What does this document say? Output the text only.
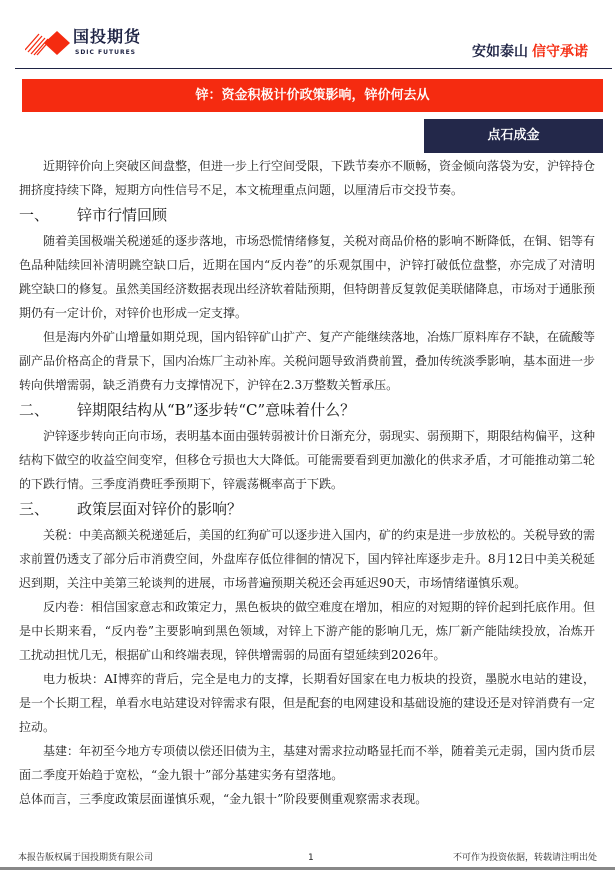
国投期货
SDIC FUTURES	安如泰山 信守承诺
锌：资金积极计价政策影响，锌价何去从
点石成金

近期锌价向上突破区间盘整，但进一步上行空间受限，下跌节奏亦不顺畅，资金倾向落袋为安，沪锌持仓拥挤度持续下降，短期方向性信号不足，本文梳理重点问题，以厘清后市交投节奏。

一、	锌市行情回顾

随着美国极端关税递延的逐步落地，市场恐慌情绪修复，关税对商品价格的影响不断降低，在铜、铝等有色品种陆续回补清明跳空缺口后，近期在国内“反内卷”的乐观氛围中，沪锌打破低位盘整，亦完成了对清明跳空缺口的修复。虽然美国经济数据表现出经济软着陆预期，但特朗普反复敦促美联储降息，市场对于通胀预期仍有一定计价，对锌价也形成一定支撑。

但是海内外矿山增量如期兑现，国内铅锌矿山扩产、复产产能继续落地，冶炼厂原料库存不缺，在硫酸等副产品价格高企的背景下，国内冶炼厂主动补库。关税问题导致消费前置，叠加传统淡季影响，基本面进一步转向供增需弱，缺乏消费有力支撑情况下，沪锌在2.3万整数关暂承压。

二、	锌期限结构从“B”逐步转“C”意味着什么？

沪锌逐步转向正向市场，表明基本面由强转弱被计价日渐充分，弱现实、弱预期下，期限结构偏平，这种结构下做空的收益空间变窄，但移仓亏损也大大降低。可能需要看到更加激化的供求矛盾，才可能推动第二轮的下跌行情。三季度消费旺季预期下，锌震荡概率高于下跌。

三、	政策层面对锌价的影响？

关税：中美高额关税递延后，美国的红狗矿可以逐步进入国内，矿的约束是进一步放松的。关税导致的需求前置仍透支了部分后市消费空间，外盘库存低位徘徊的情况下，国内锌社库逐步走升。8月12日中美关税延迟到期，关注中美第三轮谈判的进展，市场普遍预期关税还会再延迟90天，市场情绪谨慎乐观。

反内卷：相信国家意志和政策定力，黑色板块的做空难度在增加，相应的对短期的锌价起到托底作用。但是中长期来看，“反内卷”主要影响到黑色领域，对锌上下游产能的影响几无，炼厂新产能陆续投放，冶炼开工扰动担忧几无，根据矿山和终端表现，锌供增需弱的局面有望延续到2026年。

电力板块：AI博弈的背后，完全是电力的支撑，长期看好国家在电力板块的投资，墨脱水电站的建设，是一个长期工程，单看水电站建设对锌需求有限，但是配套的电网建设和基础设施的建设还是对锌消费有一定拉动。

基建：年初至今地方专项债以偿还旧债为主，基建对需求拉动略显托而不举，随着美元走弱，国内货币层面二季度开始趋于宽松，“金九银十”部分基建实务有望落地。

总体而言，三季度政策层面谨慎乐观，“金九银十”阶段要侧重观察需求表现。

本报告版权属于国投期货有限公司	1	不可作为投资依据，转载请注明出处
